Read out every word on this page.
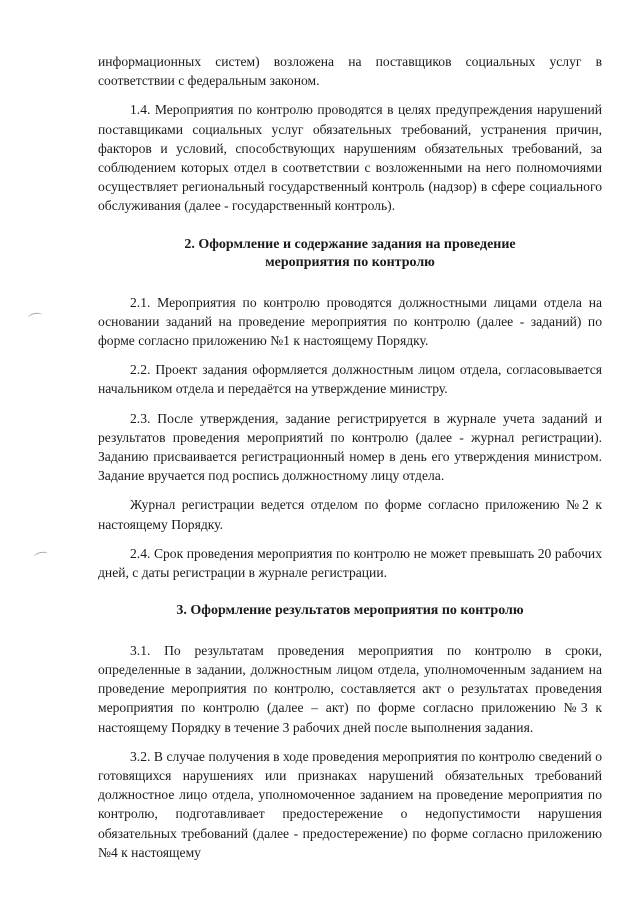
информационных систем) возложена на поставщиков социальных услуг в соответствии с федеральным законом.

1.4. Мероприятия по контролю проводятся в целях предупреждения нарушений поставщиками социальных услуг обязательных требований, устранения причин, факторов и условий, способствующих нарушениям обязательных требований, за соблюдением которых отдел в соответствии с возложенными на него полномочиями осуществляет региональный государственный контроль (надзор) в сфере социального обслуживания (далее - государственный контроль).

2. Оформление и содержание задания на проведение мероприятия по контролю

2.1. Мероприятия по контролю проводятся должностными лицами отдела на основании заданий на проведение мероприятия по контролю (далее - заданий) по форме согласно приложению №1 к настоящему Порядку.

2.2. Проект задания оформляется должностным лицом отдела, согласовывается начальником отдела и передаётся на утверждение министру.

2.3. После утверждения, задание регистрируется в журнале учета заданий и результатов проведения мероприятий по контролю (далее - журнал регистрации). Заданию присваивается регистрационный номер в день его утверждения министром. Задание вручается под роспись должностному лицу отдела.

Журнал регистрации ведется отделом по форме согласно приложению №2 к настоящему Порядку.

2.4. Срок проведения мероприятия по контролю не может превышать 20 рабочих дней, с даты регистрации в журнале регистрации.

3. Оформление результатов мероприятия по контролю

3.1. По результатам проведения мероприятия по контролю в сроки, определенные в задании, должностным лицом отдела, уполномоченным заданием на проведение мероприятия по контролю, составляется акт о результатах проведения мероприятия по контролю (далее – акт) по форме согласно приложению №3 к настоящему Порядку в течение 3 рабочих дней после выполнения задания.

3.2. В случае получения в ходе проведения мероприятия по контролю сведений о готовящихся нарушениях или признаках нарушений обязательных требований должностное лицо отдела, уполномоченное заданием на проведение мероприятия по контролю, подготавливает предостережение о недопустимости нарушения обязательных требований (далее - предостережение) по форме согласно приложению №4 к настоящему
